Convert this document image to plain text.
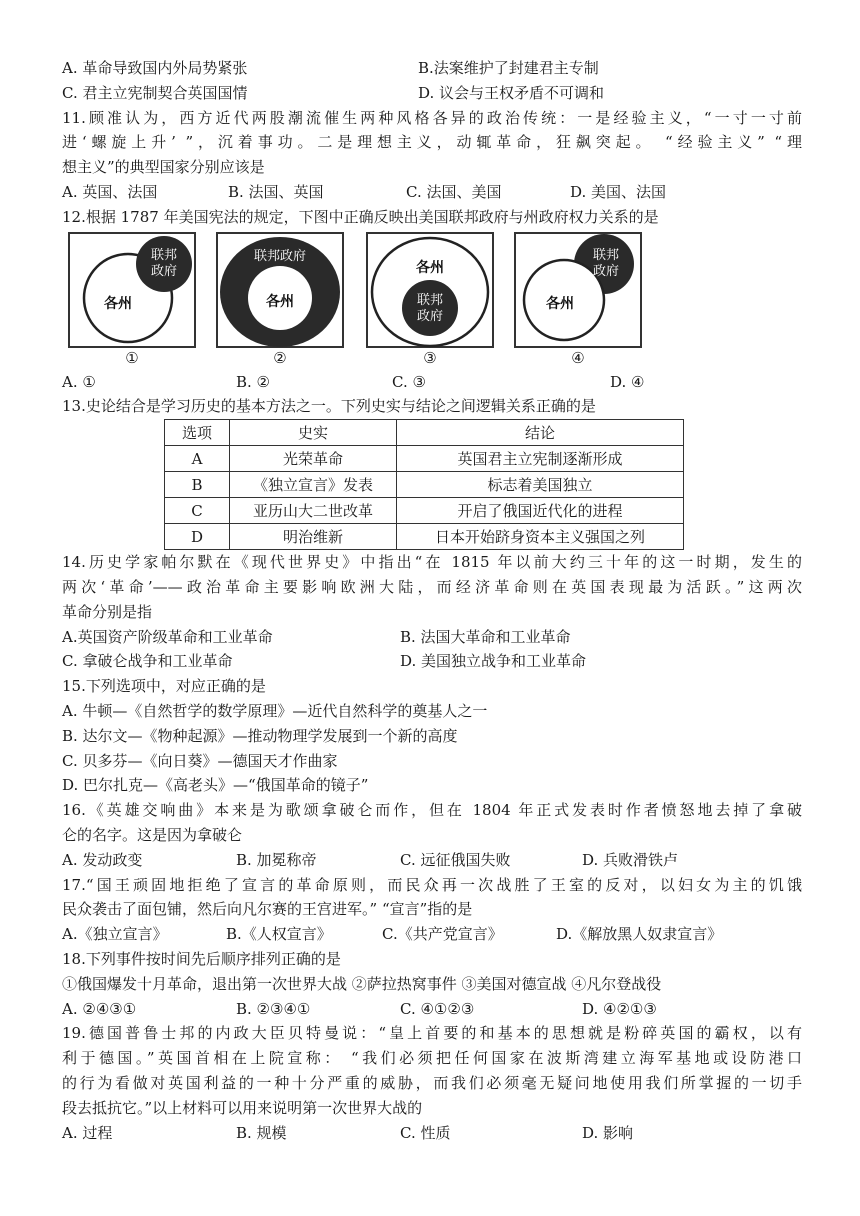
A. 革命导致国内外局势紧张	B.法案维护了封建君主专制
C. 君主立宪制契合英国国情	D. 议会与王权矛盾不可调和
11.顾准认为，西方近代两股潮流催生两种风格各异的政治传统：一是经验主义，“一寸一寸前
进‘螺旋上升’ ”，沉着事功。二是理想主义，动辄革命，狂飙突起。 “经验主义” “理
想主义”的典型国家分别应该是
A. 英国、法国	B. 法国、英国	C. 法国、美国	D. 美国、法国
12.根据 1787 年美国宪法的规定，下图中正确反映出美国联邦政府与州政府权力关系的是
联邦
政府
各州
①
联邦政府
各州
②
各州
联邦
政府
③
联邦
政府
各州
④
A. ①	B. ②	C. ③	D. ④
13.史论结合是学习历史的基本方法之一。下列史实与结论之间逻辑关系正确的是
选项	史实	结论
A	光荣革命	英国君主立宪制逐渐形成
B	《独立宣言》发表	标志着美国独立
C	亚历山大二世改革	开启了俄国近代化的进程
D	明治维新	日本开始跻身资本主义强国之列
14.历史学家帕尔默在《现代世界史》中指出“在 1815 年以前大约三十年的这一时期，发生的
两次‘革命’——政治革命主要影响欧洲大陆，而经济革命则在英国表现最为活跃。”这两次
革命分别是指
A.英国资产阶级革命和工业革命	B. 法国大革命和工业革命
C. 拿破仑战争和工业革命	D. 美国独立战争和工业革命
15.下列选项中，对应正确的是
A. 牛顿—《自然哲学的数学原理》—近代自然科学的奠基人之一
B. 达尔文—《物种起源》—推动物理学发展到一个新的高度
C. 贝多芬—《向日葵》—德国天才作曲家
D. 巴尔扎克—《高老头》—“俄国革命的镜子”
16.《英雄交响曲》本来是为歌颂拿破仑而作，但在 1804 年正式发表时作者愤怒地去掉了拿破
仑的名字。这是因为拿破仑
A. 发动政变	B. 加冕称帝	C. 远征俄国失败	D. 兵败滑铁卢
17.“国王顽固地拒绝了宣言的革命原则，而民众再一次战胜了王室的反对，以妇女为主的饥饿
民众袭击了面包铺，然后向凡尔赛的王宫进军。” “宣言”指的是
A.《独立宣言》	B.《人权宣言》	C.《共产党宣言》	D.《解放黑人奴隶宣言》
18.下列事件按时间先后顺序排列正确的是
①俄国爆发十月革命，退出第一次世界大战 ②萨拉热窝事件 ③美国对德宣战 ④凡尔登战役
A. ②④③①	B. ②③④①	C. ④①②③	D. ④②①③
19.德国普鲁士邦的内政大臣贝特曼说：“皇上首要的和基本的思想就是粉碎英国的霸权，以有
利于德国。”英国首相在上院宣称： “我们必须把任何国家在波斯湾建立海军基地或设防港口
的行为看做对英国利益的一种十分严重的威胁，而我们必须毫无疑问地使用我们所掌握的一切手
段去抵抗它。”以上材料可以用来说明第一次世界大战的
A. 过程	B. 规模	C. 性质	D. 影响
